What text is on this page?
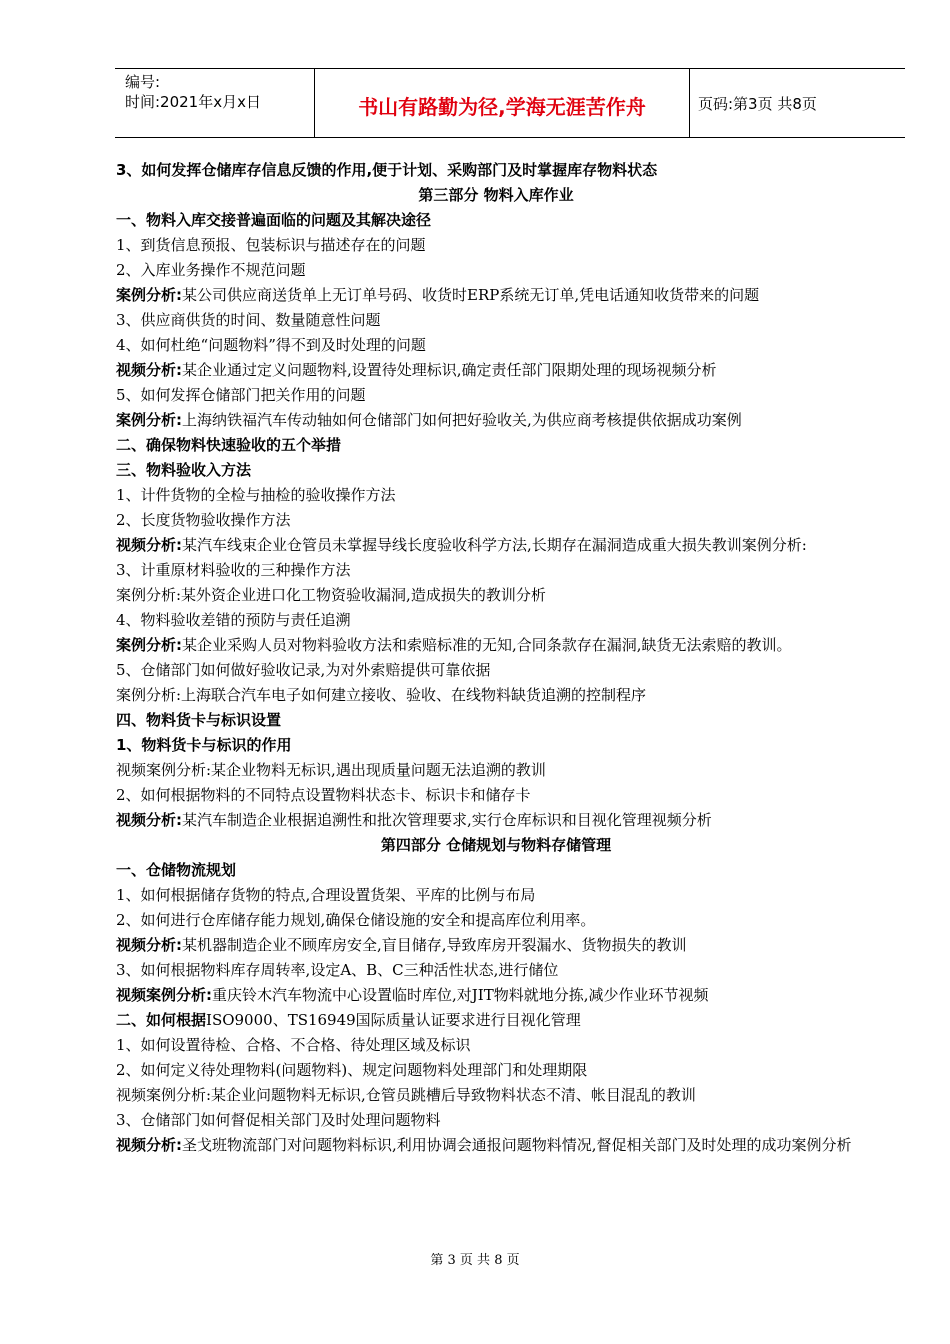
编号:
时间:2021年x月x日	书山有路勤为径,学海无涯苦作舟	页码:第3页 共8页
3、如何发挥仓储库存信息反馈的作用,便于计划、采购部门及时掌握库存物料状态
第三部分 物料入库作业
一、物料入库交接普遍面临的问题及其解决途径
1、到货信息预报、包装标识与描述存在的问题
2、入库业务操作不规范问题
案例分析:某公司供应商送货单上无订单号码、收货时ERP系统无订单,凭电话通知收货带来的问题
3、供应商供货的时间、数量随意性问题
4、如何杜绝“问题物料”得不到及时处理的问题
视频分析:某企业通过定义问题物料,设置待处理标识,确定责任部门限期处理的现场视频分析
5、如何发挥仓储部门把关作用的问题
案例分析:上海纳铁福汽车传动轴如何仓储部门如何把好验收关,为供应商考核提供依据成功案例
二、确保物料快速验收的五个举措
三、物料验收入方法
1、计件货物的全检与抽检的验收操作方法
2、长度货物验收操作方法
视频分析:某汽车线束企业仓管员未掌握导线长度验收科学方法,长期存在漏洞造成重大损失教训案例分析:
3、计重原材料验收的三种操作方法
案例分析:某外资企业进口化工物资验收漏洞,造成损失的教训分析
4、物料验收差错的预防与责任追溯
案例分析:某企业采购人员对物料验收方法和索赔标准的无知,合同条款存在漏洞,缺货无法索赔的教训。
5、仓储部门如何做好验收记录,为对外索赔提供可靠依据
案例分析:上海联合汽车电子如何建立接收、验收、在线物料缺货追溯的控制程序
四、物料货卡与标识设置
1、物料货卡与标识的作用
视频案例分析:某企业物料无标识,遇出现质量问题无法追溯的教训
2、如何根据物料的不同特点设置物料状态卡、标识卡和储存卡
视频分析:某汽车制造企业根据追溯性和批次管理要求,实行仓库标识和目视化管理视频分析
第四部分 仓储规划与物料存储管理
一、仓储物流规划
1、如何根据储存货物的特点,合理设置货架、平库的比例与布局
2、如何进行仓库储存能力规划,确保仓储设施的安全和提高库位利用率。
视频分析:某机器制造企业不顾库房安全,盲目储存,导致库房开裂漏水、货物损失的教训
3、如何根据物料库存周转率,设定A、B、C三种活性状态,进行储位
视频案例分析:重庆铃木汽车物流中心设置临时库位,对JIT物料就地分拣,减少作业环节视频
二、如何根据ISO9000、TS16949国际质量认证要求进行目视化管理
1、如何设置待检、合格、不合格、待处理区域及标识
2、如何定义待处理物料(问题物料)、规定问题物料处理部门和处理期限
视频案例分析:某企业问题物料无标识,仓管员跳槽后导致物料状态不清、帐目混乱的教训
3、仓储部门如何督促相关部门及时处理问题物料
视频分析:圣戈班物流部门对问题物料标识,利用协调会通报问题物料情况,督促相关部门及时处理的成功案例分析
第 3 页 共 8 页
